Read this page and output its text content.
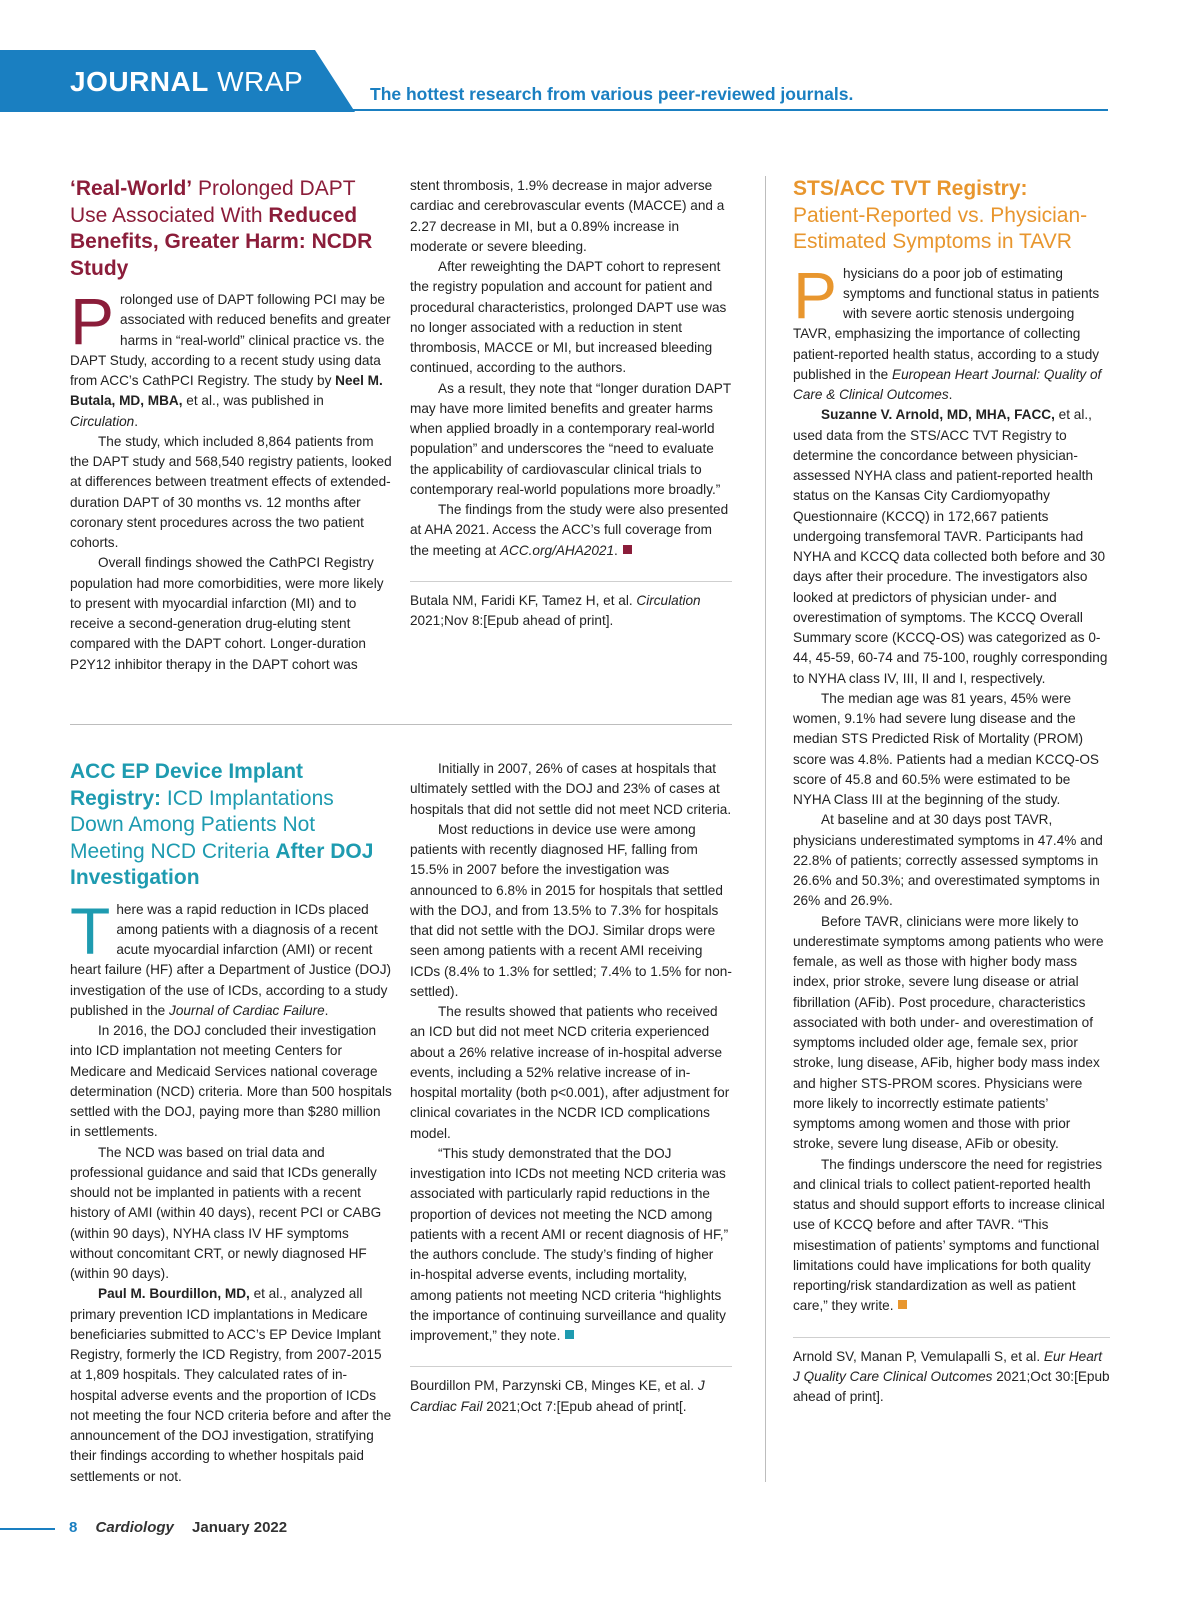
JOURNAL WRAP	The hottest research from various peer-reviewed journals.
‘Real-World’ Prolonged DAPT Use Associated With Reduced Benefits, Greater Harm: NCDR Study

Prolonged use of DAPT following PCI may be associated with reduced benefits and greater harms in “real-world” clinical practice vs. the DAPT Study, according to a recent study using data from ACC’s CathPCI Registry. The study by Neel M. Butala, MD, MBA, et al., was published in Circulation.

The study, which included 8,864 patients from the DAPT study and 568,540 registry patients, looked at differences between treatment effects of extended-duration DAPT of 30 months vs. 12 months after coronary stent procedures across the two patient cohorts.

Overall findings showed the CathPCI Registry population had more comorbidities, were more likely to present with myocardial infarction (MI) and to receive a second-generation drug-eluting stent compared with the DAPT cohort. Longer-duration P2Y12 inhibitor therapy in the DAPT cohort was

stent thrombosis, 1.9% decrease in major adverse cardiac and cerebrovascular events (MACCE) and a 2.27 decrease in MI, but a 0.89% increase in moderate or severe bleeding.

After reweighting the DAPT cohort to represent the registry population and account for patient and procedural characteristics, prolonged DAPT use was no longer associated with a reduction in stent thrombosis, MACCE or MI, but increased bleeding continued, according to the authors.

As a result, they note that “longer duration DAPT may have more limited benefits and greater harms when applied broadly in a contemporary real-world population” and underscores the “need to evaluate the applicability of cardiovascular clinical trials to contemporary real-world populations more broadly.”

The findings from the study were also presented at AHA 2021. Access the ACC’s full coverage from the meeting at ACC.org/AHA2021.

Butala NM, Faridi KF, Tamez H, et al. Circulation 2021;Nov 8:[Epub ahead of print].
ACC EP Device Implant Registry: ICD Implantations Down Among Patients Not Meeting NCD Criteria After DOJ Investigation

There was a rapid reduction in ICDs placed among patients with a diagnosis of a recent acute myocardial infarction (AMI) or recent heart failure (HF) after a Department of Justice (DOJ) investigation of the use of ICDs, according to a study published in the Journal of Cardiac Failure.

In 2016, the DOJ concluded their investigation into ICD implantation not meeting Centers for Medicare and Medicaid Services national coverage determination (NCD) criteria. More than 500 hospitals settled with the DOJ, paying more than $280 million in settlements.

The NCD was based on trial data and professional guidance and said that ICDs generally should not be implanted in patients with a recent history of AMI (within 40 days), recent PCI or CABG (within 90 days), NYHA class IV HF symptoms without concomitant CRT, or newly diagnosed HF (within 90 days).

Paul M. Bourdillon, MD, et al., analyzed all primary prevention ICD implantations in Medicare beneficiaries submitted to ACC’s EP Device Implant Registry, formerly the ICD Registry, from 2007-2015 at 1,809 hospitals. They calculated rates of in-hospital adverse events and the proportion of ICDs not meeting the four NCD criteria before and after the announcement of the DOJ investigation, stratifying their findings according to whether hospitals paid settlements or not.

Initially in 2007, 26% of cases at hospitals that ultimately settled with the DOJ and 23% of cases at hospitals that did not settle did not meet NCD criteria.

Most reductions in device use were among patients with recently diagnosed HF, falling from 15.5% in 2007 before the investigation was announced to 6.8% in 2015 for hospitals that settled with the DOJ, and from 13.5% to 7.3% for hospitals that did not settle with the DOJ. Similar drops were seen among patients with a recent AMI receiving ICDs (8.4% to 1.3% for settled; 7.4% to 1.5% for non-settled).

The results showed that patients who received an ICD but did not meet NCD criteria experienced about a 26% relative increase of in-hospital adverse events, including a 52% relative increase of in-hospital mortality (both p<0.001), after adjustment for clinical covariates in the NCDR ICD complications model.

“This study demonstrated that the DOJ investigation into ICDs not meeting NCD criteria was associated with particularly rapid reductions in the proportion of devices not meeting the NCD among patients with a recent AMI or recent diagnosis of HF,” the authors conclude. The study’s finding of higher in-hospital adverse events, including mortality, among patients not meeting NCD criteria “highlights the importance of continuing surveillance and quality improvement,” they note.

Bourdillon PM, Parzynski CB, Minges KE, et al. J Cardiac Fail 2021;Oct 7:[Epub ahead of print[.
STS/ACC TVT Registry:
Patient-Reported vs. Physician-Estimated Symptoms in TAVR

Physicians do a poor job of estimating symptoms and functional status in patients with severe aortic stenosis undergoing TAVR, emphasizing the importance of collecting patient-reported health status, according to a study published in the European Heart Journal: Quality of Care & Clinical Outcomes.

Suzanne V. Arnold, MD, MHA, FACC, et al., used data from the STS/ACC TVT Registry to determine the concordance between physician-assessed NYHA class and patient-reported health status on the Kansas City Cardiomyopathy Questionnaire (KCCQ) in 172,667 patients undergoing transfemoral TAVR. Participants had NYHA and KCCQ data collected both before and 30 days after their procedure. The investigators also looked at predictors of physician under- and overestimation of symptoms. The KCCQ Overall Summary score (KCCQ-OS) was categorized as 0-44, 45-59, 60-74 and 75-100, roughly corresponding to NYHA class IV, III, II and I, respectively.

The median age was 81 years, 45% were women, 9.1% had severe lung disease and the median STS Predicted Risk of Mortality (PROM) score was 4.8%. Patients had a median KCCQ-OS score of 45.8 and 60.5% were estimated to be NYHA Class III at the beginning of the study.

At baseline and at 30 days post TAVR, physicians underestimated symptoms in 47.4% and 22.8% of patients; correctly assessed symptoms in 26.6% and 50.3%; and overestimated symptoms in 26% and 26.9%.

Before TAVR, clinicians were more likely to underestimate symptoms among patients who were female, as well as those with higher body mass index, prior stroke, severe lung disease or atrial fibrillation (AFib). Post procedure, characteristics associated with both under- and overestimation of symptoms included older age, female sex, prior stroke, lung disease, AFib, higher body mass index and higher STS-PROM scores. Physicians were more likely to incorrectly estimate patients’ symptoms among women and those with prior stroke, severe lung disease, AFib or obesity.

The findings underscore the need for registries and clinical trials to collect patient-reported health status and should support efforts to increase clinical use of KCCQ before and after TAVR. “This misestimation of patients’ symptoms and functional limitations could have implications for both quality reporting/risk standardization as well as patient care,” they write.

Arnold SV, Manan P, Vemulapalli S, et al. Eur Heart J Quality Care Clinical Outcomes 2021;Oct 30:[Epub ahead of print].
8 Cardiology January 2022
